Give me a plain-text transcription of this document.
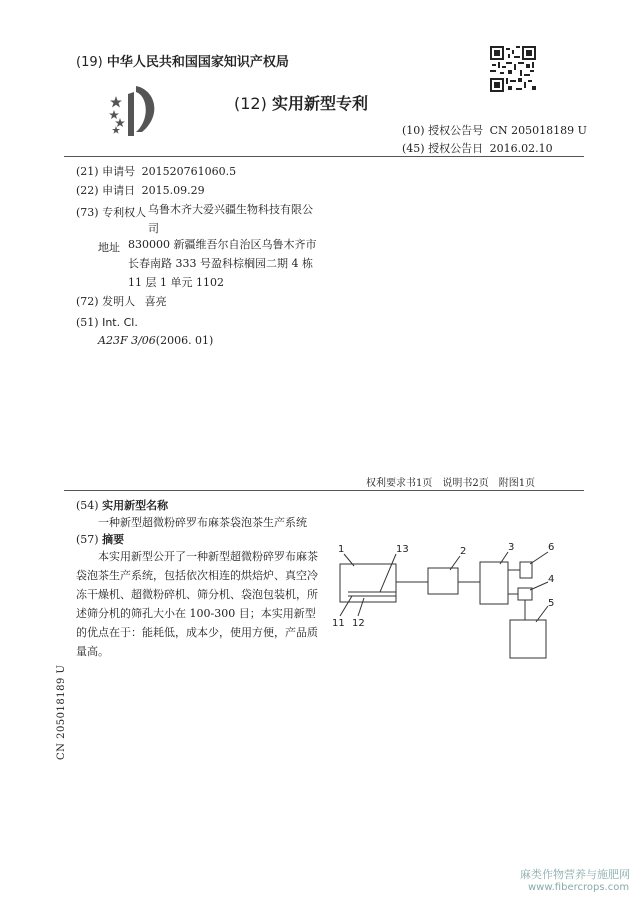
(19) 中华人民共和国国家知识产权局
(12) 实用新型专利
(10) 授权公告号 CN 205018189 U
(45) 授权公告日 2016.02.10
(21) 申请号 201520761060.5
(22) 申请日 2015.09.29
(73) 专利权人 乌鲁木齐大爱兴疆生物科技有限公司
地址 830000 新疆维吾尔自治区乌鲁木齐市长春南路 333 号盈科棕榈园二期 4 栋 11 层 1 单元 1102
(72) 发明人 喜亮
(51) Int. Cl.
A23F 3/06(2006. 01)
权利要求书1页　说明书2页　附图1页
(54) 实用新型名称
一种新型超微粉碎罗布麻茶袋泡茶生产系统
(57) 摘要
本实用新型公开了一种新型超微粉碎罗布麻茶袋泡茶生产系统，包括依次相连的烘焙炉、真空冷冻干燥机、超微粉碎机、筛分机、袋泡包装机，所述筛分机的筛孔大小在 100-300 目；本实用新型的优点在于：能耗低，成本少，使用方便，产品质量高。
1	13	2	3	6
4
5
11 12
CN 205018189 U
麻类作物营养与施肥网
www.fibercrops.com
